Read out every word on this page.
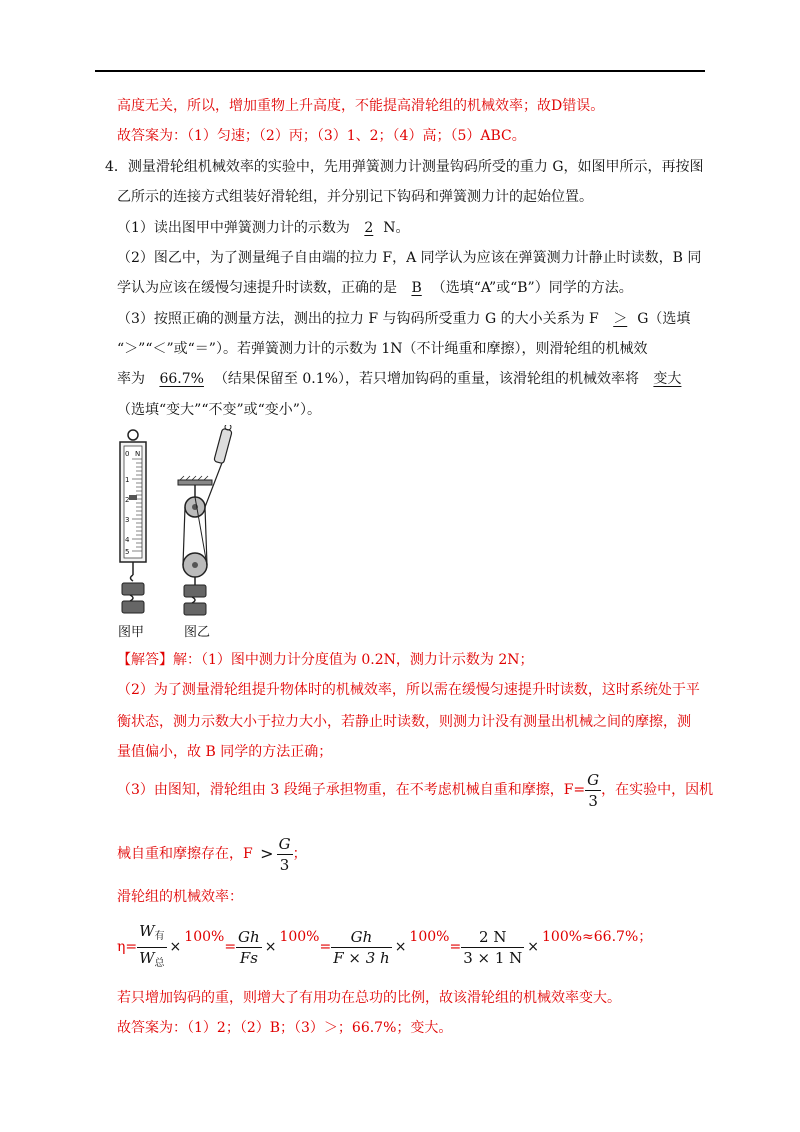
高度无关，所以，增加重物上升高度，不能提高滑轮组的机械效率；故D错误。
故答案为：（1）匀速；（2）丙；（3）1、2；（4）高；（5）ABC。
4．测量滑轮组机械效率的实验中，先用弹簧测力计测量钩码所受的重力 G，如图甲所示，再按图
乙所示的连接方式组装好滑轮组，并分别记下钩码和弹簧测力计的起始位置。
（1）读出图甲中弹簧测力计的示数为 2 N。
（2）图乙中，为了测量绳子自由端的拉力 F，A 同学认为应该在弹簧测力计静止时读数，B 同
学认为应该在缓慢匀速提升时读数，正确的是 B （选填“A”或“B”）同学的方法。
（3）按照正确的测量方法，测出的拉力 F 与钩码所受重力 G 的大小关系为 F ＞ G（选填
“＞”“＜”或“＝”）。若弹簧测力计的示数为 1N（不计绳重和摩擦），则滑轮组的机械效
率为 66.7% （结果保留至 0.1%），若只增加钩码的重量，该滑轮组的机械效率将 变大
（选填“变大”“不变”或“变小”）。
0 N
1
2
3
4
5
图甲	图乙
【解答】解：（1）图中测力计分度值为 0.2N，测力计示数为 2N；
（2）为了测量滑轮组提升物体时的机械效率，所以需在缓慢匀速提升时读数，这时系统处于平
衡状态，测力示数大小于拉力大小，若静止时读数，则测力计没有测量出机械之间的摩擦，测
量值偏小，故 B 同学的方法正确；
（3）由图知，滑轮组由 3 段绳子承担物重，在不考虑机械自重和摩擦，$F= \frac{G}{3}$ ，在实验中，因机
械自重和摩擦存在，$F > \frac{G}{3}$ ；
滑轮组的机械效率：
$\eta= \frac{W_有}{W_总} \times 100\%= \frac{Gh}{Fs} \times 100\%= \frac{Gh}{F \times 3 h} \times 100\%= \frac{2 N}{3 \times 1 N} \times 100\%\approx 66.7\%$；
若只增加钩码的重，则增大了有用功在总功的比例，故该滑轮组的机械效率变大。
故答案为：（1）2；（2）B；（3）＞；66.7%；变大。
